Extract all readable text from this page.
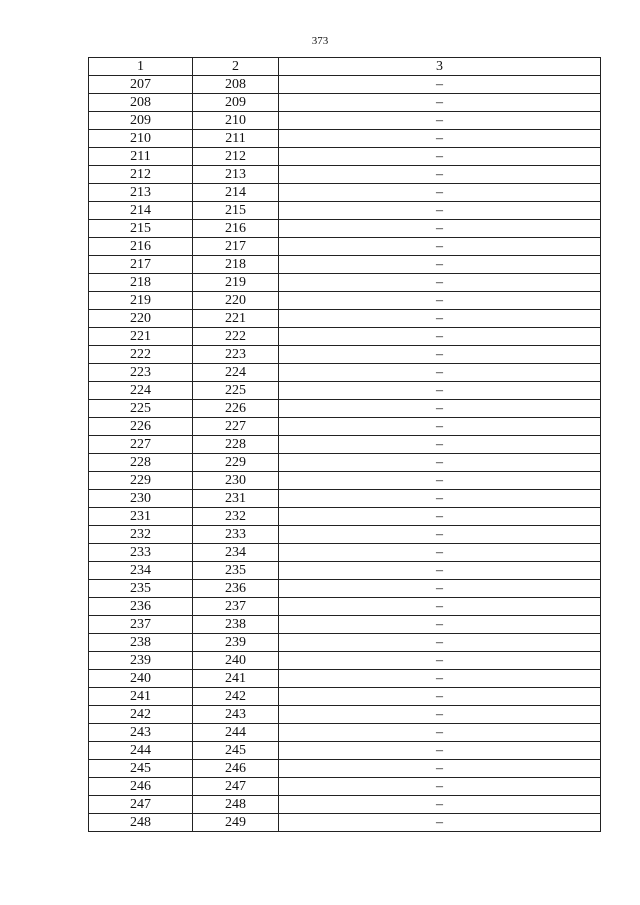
373
1	2	3
207	208	–
208	209	–
209	210	–
210	211	–
211	212	–
212	213	–
213	214	–
214	215	–
215	216	–
216	217	–
217	218	–
218	219	–
219	220	–
220	221	–
221	222	–
222	223	–
223	224	–
224	225	–
225	226	–
226	227	–
227	228	–
228	229	–
229	230	–
230	231	–
231	232	–
232	233	–
233	234	–
234	235	–
235	236	–
236	237	–
237	238	–
238	239	–
239	240	–
240	241	–
241	242	–
242	243	–
243	244	–
244	245	–
245	246	–
246	247	–
247	248	–
248	249	–
